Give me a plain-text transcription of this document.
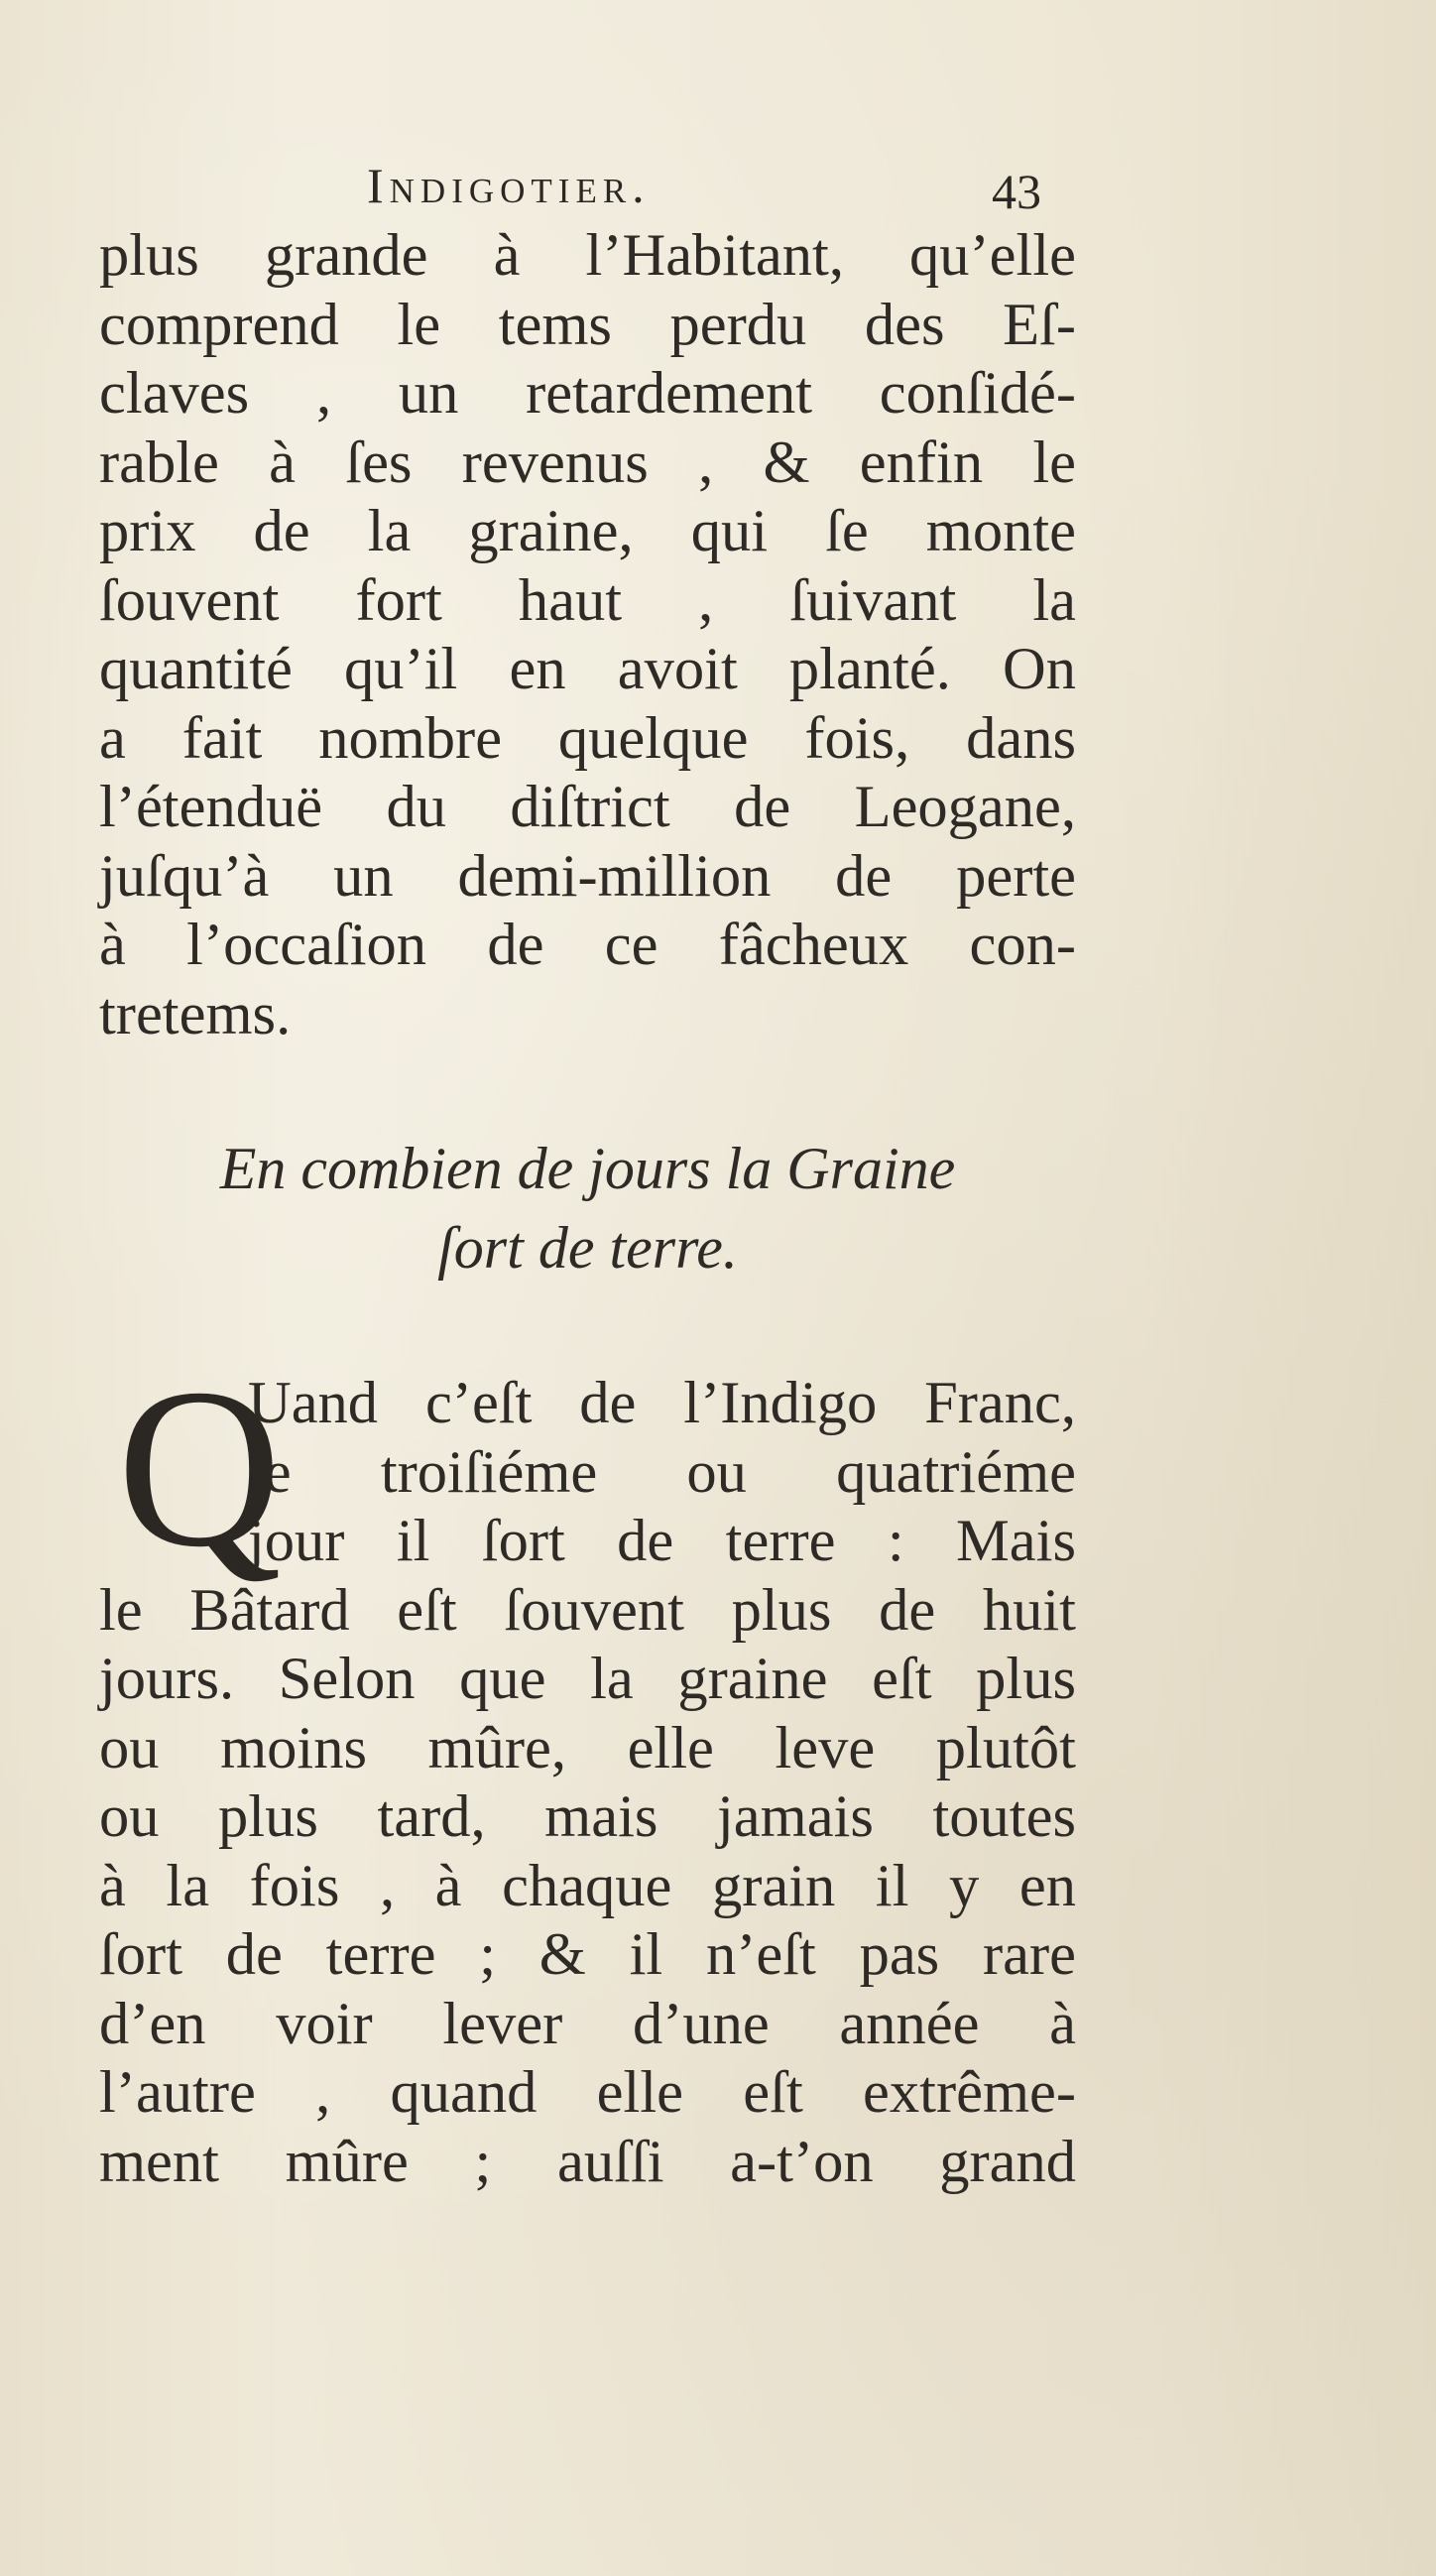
Indigotier.	43
plus grande à l’Habitant, qu’elle
comprend le tems perdu des Eſ-
claves , un retardement conſidé-
rable à ſes revenus , & enfin le
prix de la graine, qui ſe monte
ſouvent fort haut , ſuivant la
quantité qu’il en avoit planté. On
a fait nombre quelque fois, dans
l’étenduë du diſtrict de Leogane,
juſqu’à un demi-million de perte
à l’occaſion de ce fâcheux con-
tretems.
En combien de jours la Graine
ſort de terre.
Q
Uand c’eſt de l’Indigo Franc,
le troiſiéme ou quatriéme
jour il ſort de terre : Mais
le Bâtard eſt ſouvent plus de huit
jours. Selon que la graine eſt plus
ou moins mûre, elle leve plutôt
ou plus tard, mais jamais toutes
à la fois , à chaque grain il y en
ſort de terre ; & il n’eſt pas rare
d’en voir lever d’une année à
l’autre , quand elle eſt extrême-
ment mûre ; auſſi a-t’on grand
